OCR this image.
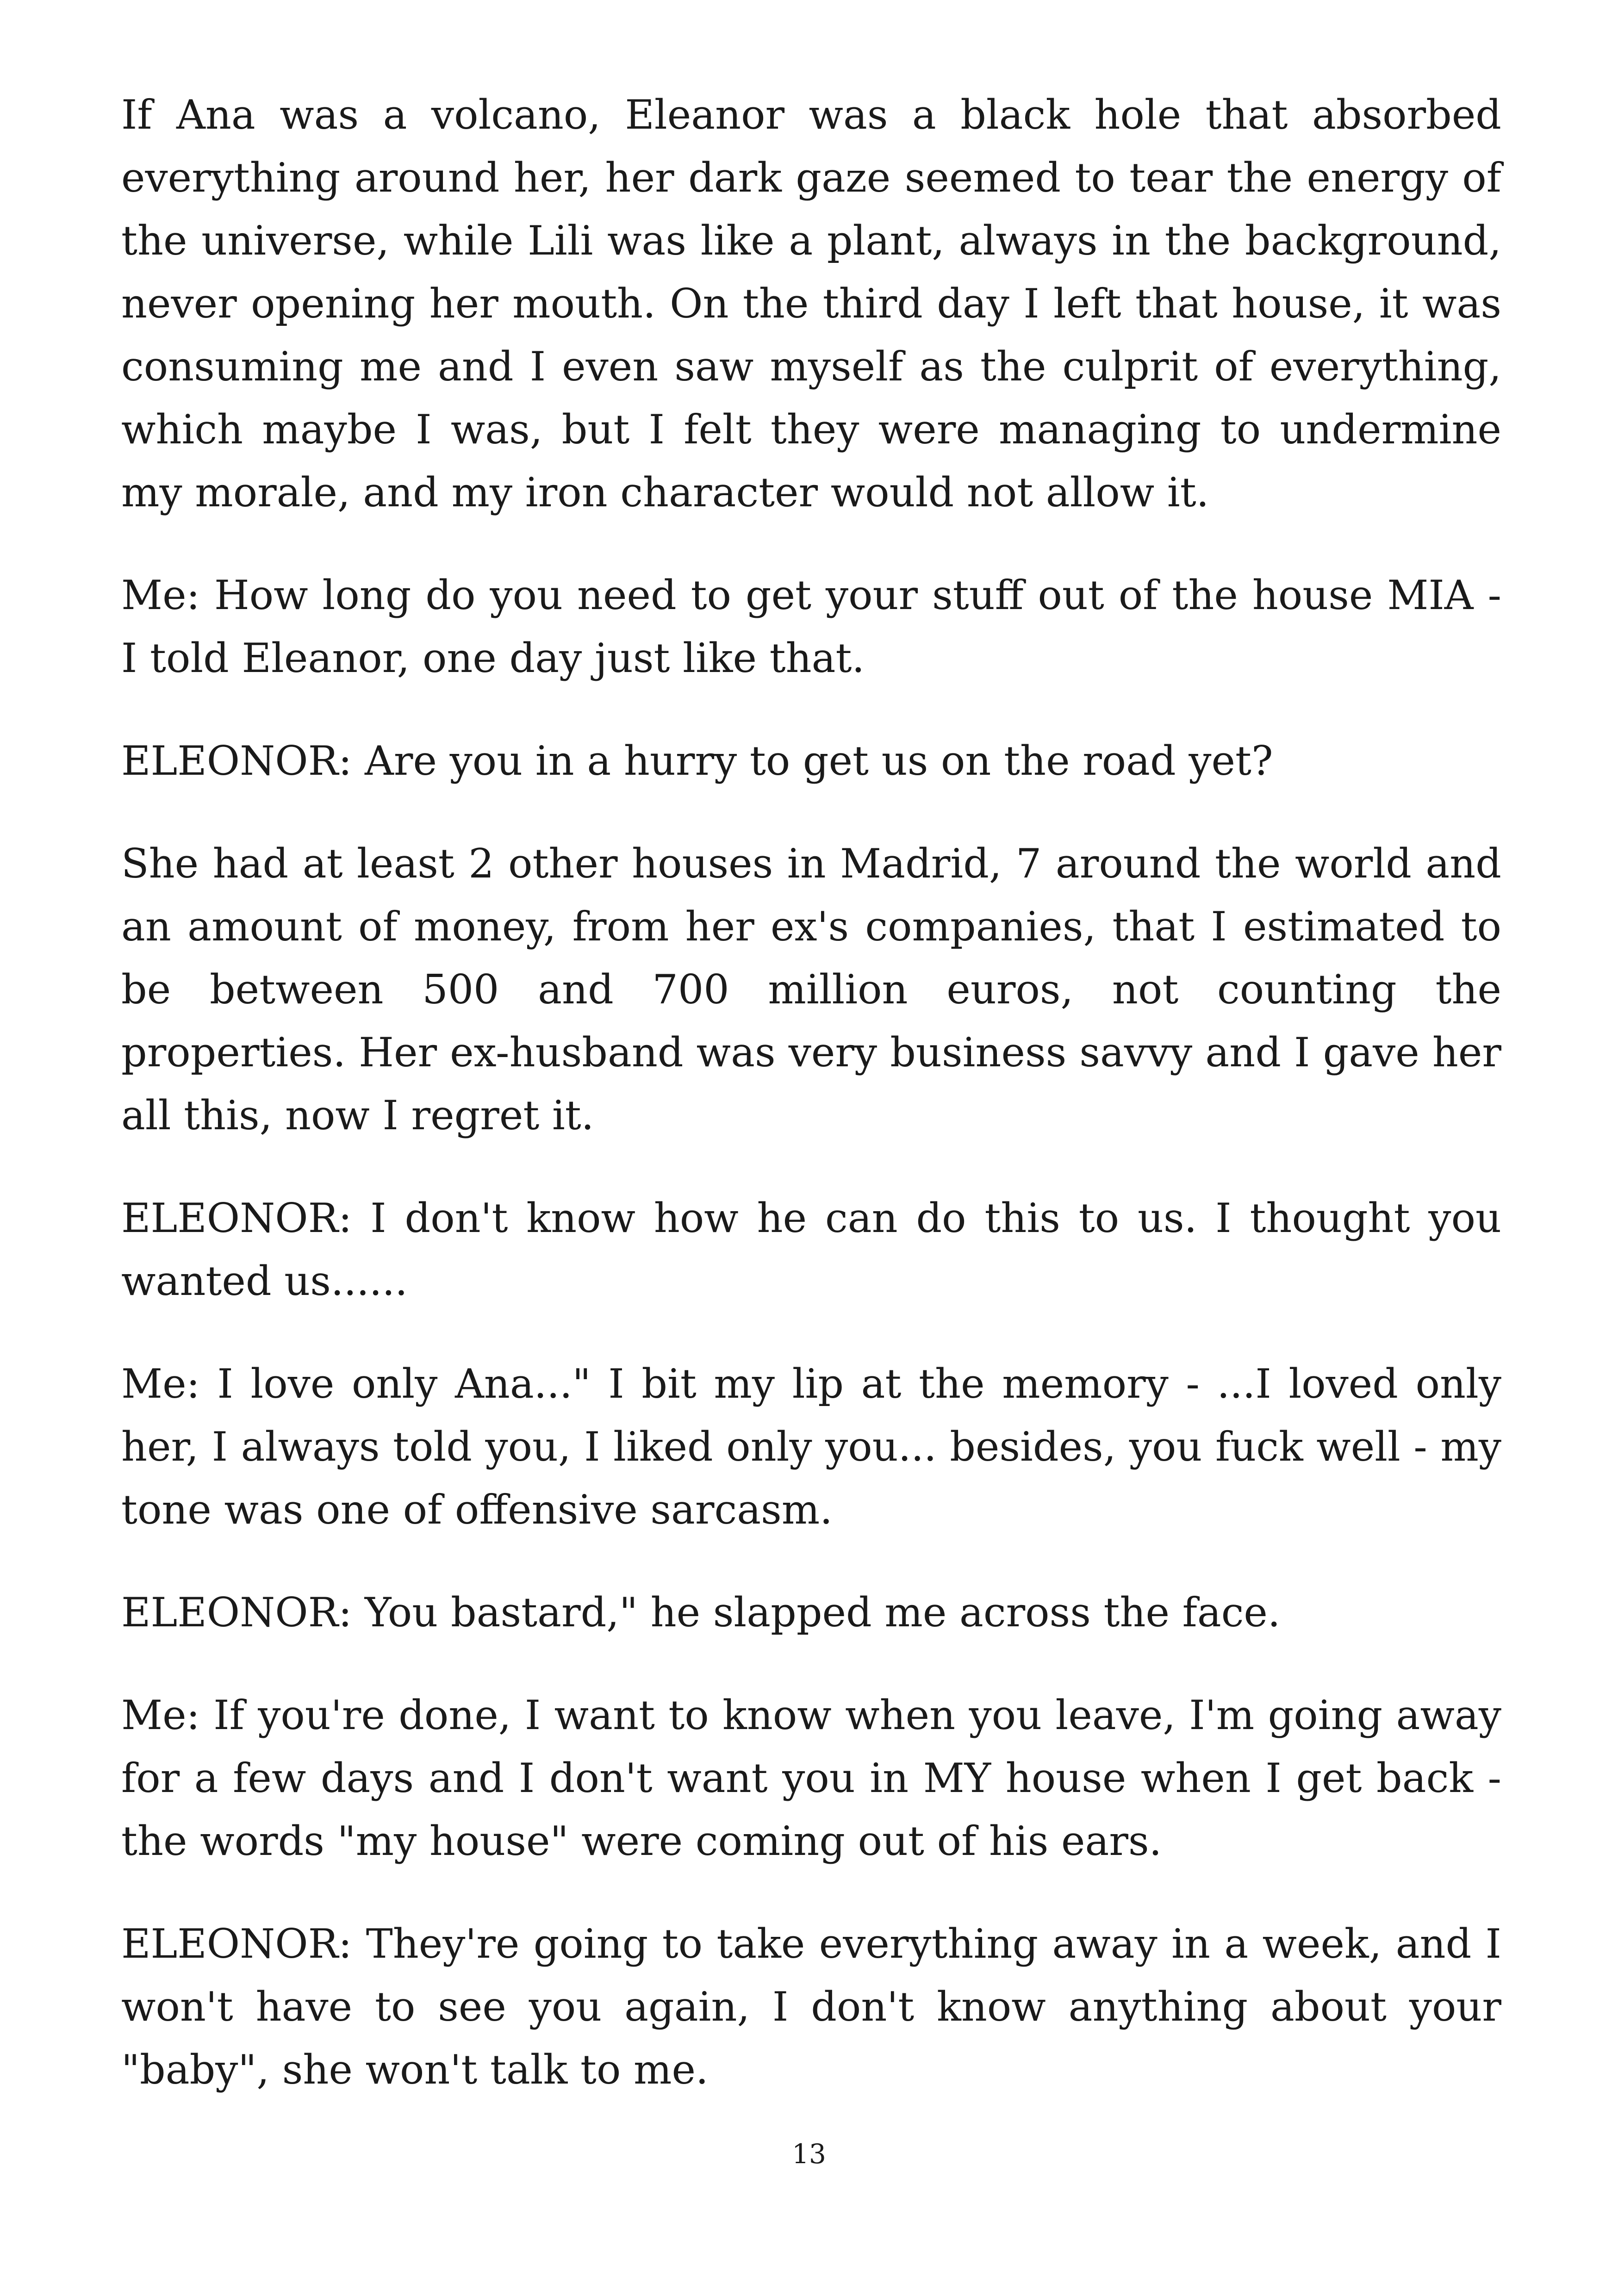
If Ana was a volcano, Eleanor was a black hole that absorbed everything around her, her dark gaze seemed to tear the energy of the universe, while Lili was like a plant, always in the background, never opening her mouth. On the third day I left that house, it was consuming me and I even saw myself as the culprit of everything, which maybe I was, but I felt they were managing to undermine my morale, and my iron character would not allow it.

Me: How long do you need to get your stuff out of the house MIA - I told Eleanor, one day just like that.

ELEONOR: Are you in a hurry to get us on the road yet?

She had at least 2 other houses in Madrid, 7 around the world and an amount of money, from her ex's companies, that I estimated to be between 500 and 700 million euros, not counting the properties. Her ex-husband was very business savvy and I gave her all this, now I regret it.

ELEONOR: I don't know how he can do this to us. I thought you wanted us......

Me: I love only Ana..." I bit my lip at the memory - ...I loved only her, I always told you, I liked only you... besides, you fuck well - my tone was one of offensive sarcasm.

ELEONOR: You bastard," he slapped me across the face.

Me: If you're done, I want to know when you leave, I'm going away for a few days and I don't want you in MY house when I get back - the words "my house" were coming out of his ears.

ELEONOR: They're going to take everything away in a week, and I won't have to see you again, I don't know anything about your "baby", she won't talk to me.

13
